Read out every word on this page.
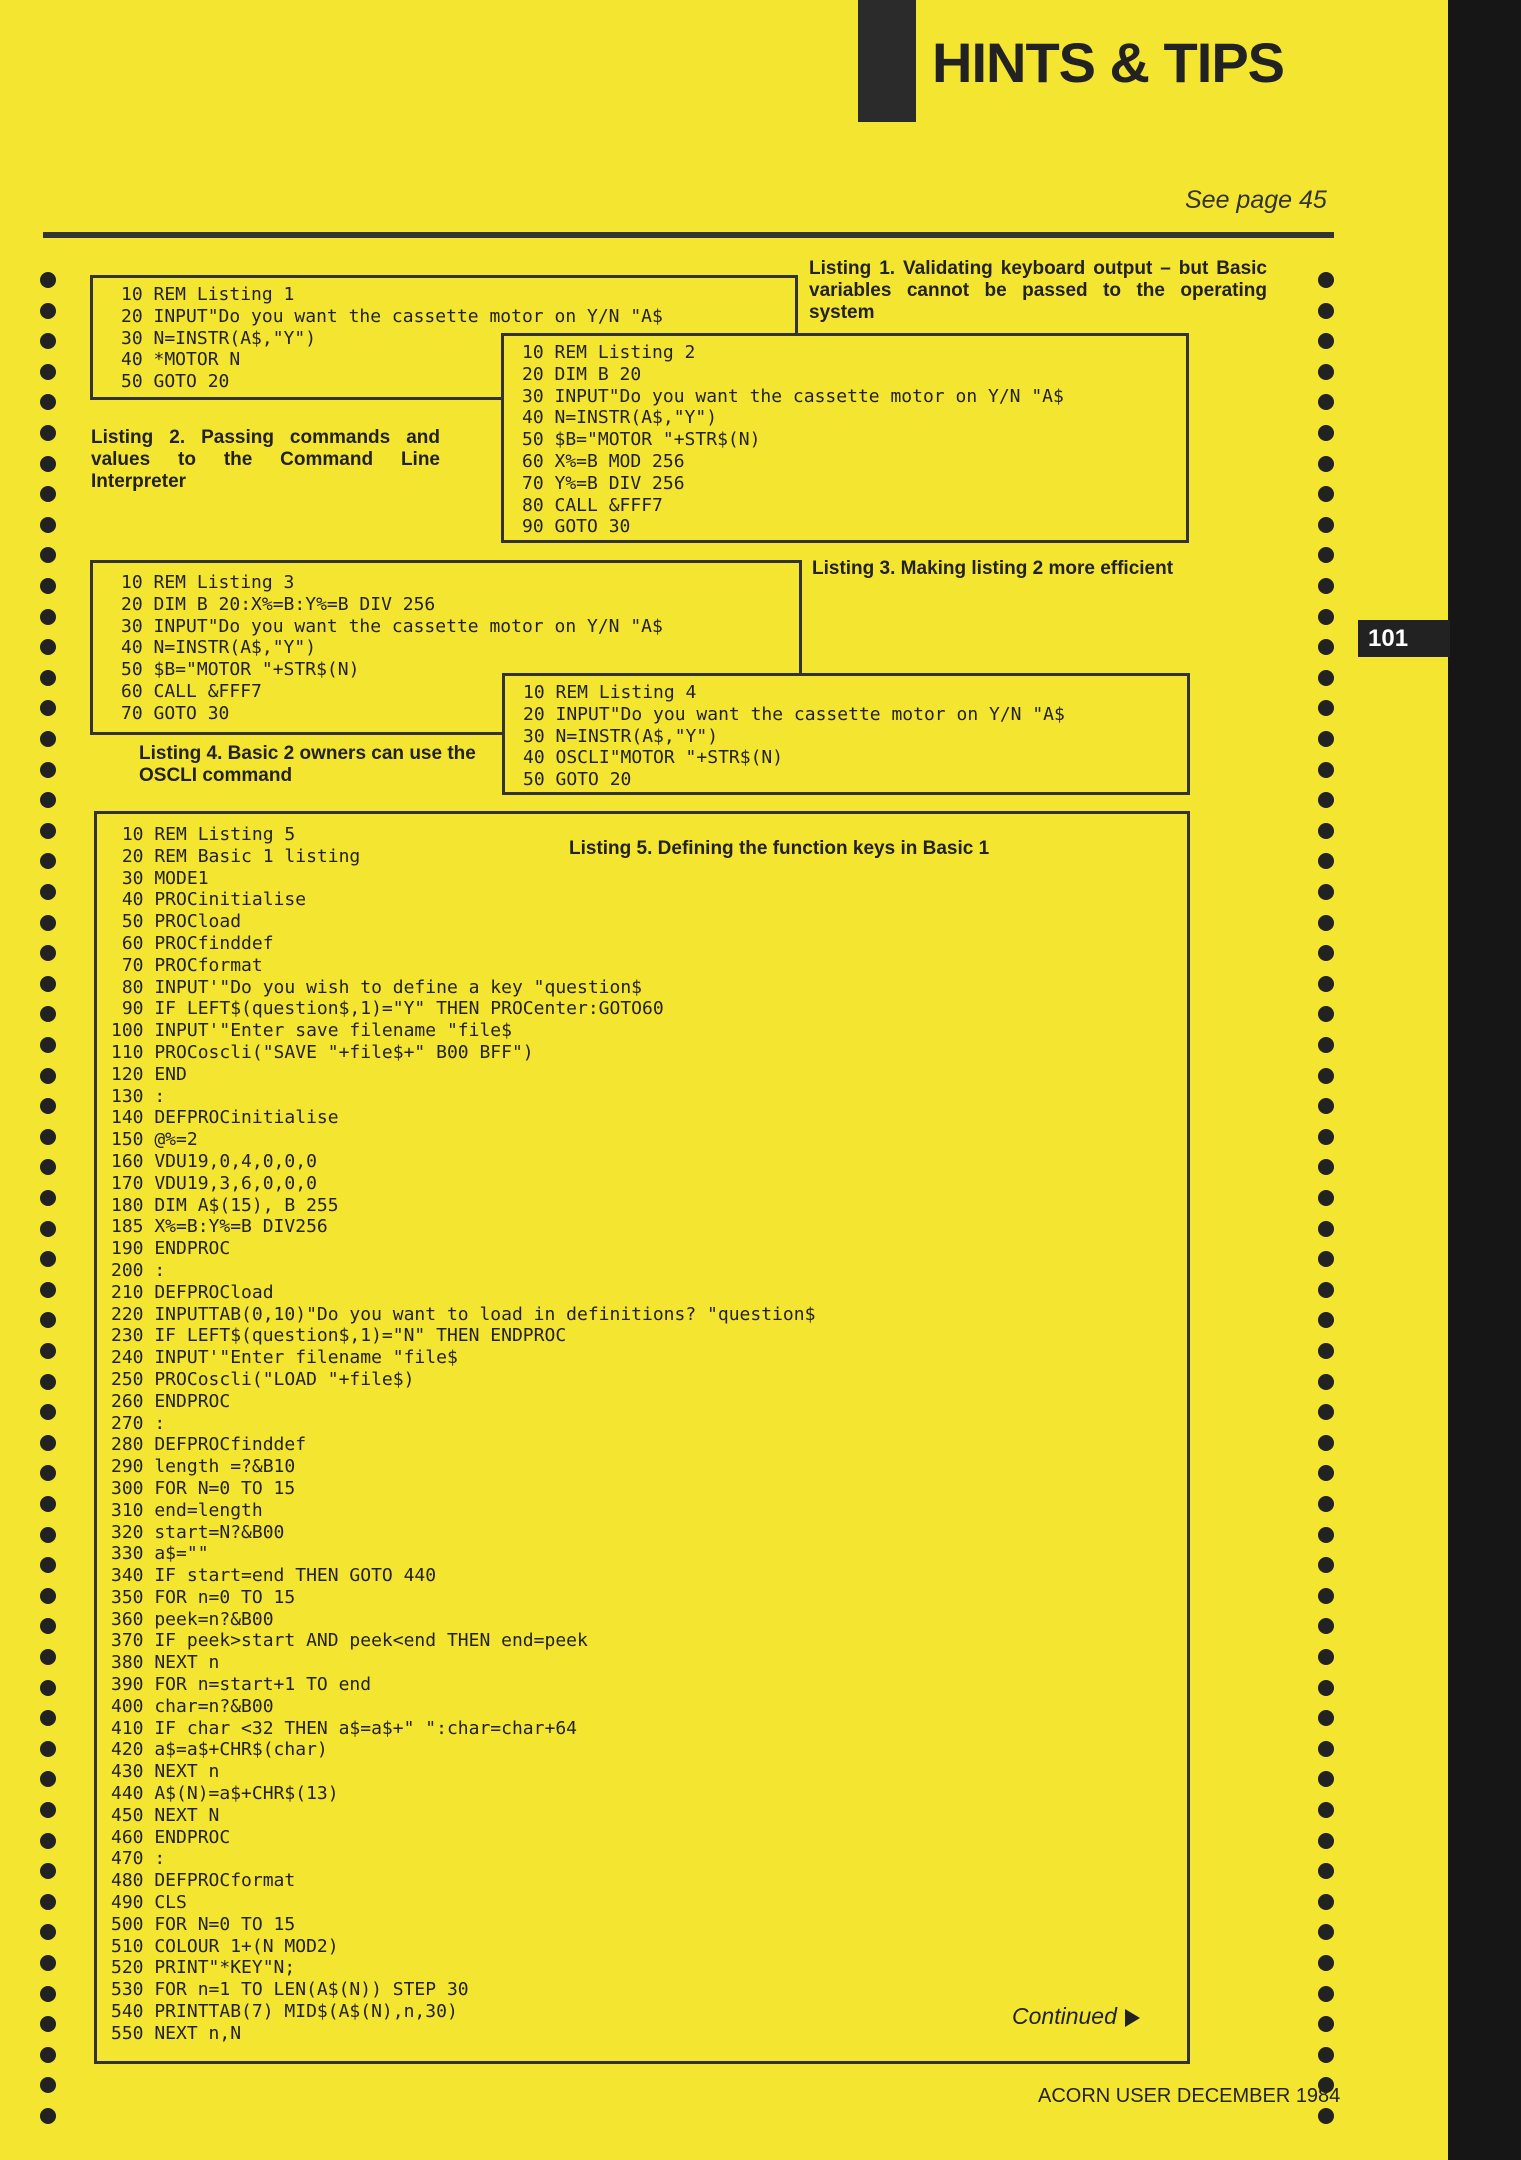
HINTS & TIPS
See page 45
10 REM Listing 1
20 INPUT"Do you want the cassette motor on Y/N "A$
30 N=INSTR(A$,"Y")
40 *MOTOR N
50 GOTO 20
Listing 1. Validating keyboard output – but Basic variables cannot be passed to the operating system
Listing 2. Passing commands and values to the Command Line Interpreter
10 REM Listing 2
20 DIM B 20
30 INPUT"Do you want the cassette motor on Y/N "A$
40 N=INSTR(A$,"Y")
50 $B="MOTOR "+STR$(N)
60 X%=B MOD 256
70 Y%=B DIV 256
80 CALL &FFF7
90 GOTO 30
10 REM Listing 3
20 DIM B 20:X%=B:Y%=B DIV 256
30 INPUT"Do you want the cassette motor on Y/N "A$
40 N=INSTR(A$,"Y")
50 $B="MOTOR "+STR$(N)
60 CALL &FFF7
70 GOTO 30
Listing 3. Making listing 2 more efficient
10 REM Listing 4
20 INPUT"Do you want the cassette motor on Y/N "A$
30 N=INSTR(A$,"Y")
40 OSCLI"MOTOR "+STR$(N)
50 GOTO 20
Listing 4. Basic 2 owners can use the OSCLI command
10 REM Listing 5
20 REM Basic 1 listing
30 MODE1
40 PROCinitialise
50 PROCload
60 PROCfinddef
70 PROCformat
80 INPUT'"Do you wish to define a key "question$
90 IF LEFT$(question$,1)="Y" THEN PROCenter:GOTO60
100 INPUT'"Enter save filename "file$
110 PROCoscli("SAVE "+file$+" B00 BFF")
120 END
130 :
140 DEFPROCinitialise
150 @%=2
160 VDU19,0,4,0,0,0
170 VDU19,3,6,0,0,0
180 DIM A$(15), B 255
185 X%=B:Y%=B DIV256
190 ENDPROC
200 :
210 DEFPROCload
220 INPUTTAB(0,10)"Do you want to load in definitions? "question$
230 IF LEFT$(question$,1)="N" THEN ENDPROC
240 INPUT'"Enter filename "file$
250 PROCoscli("LOAD "+file$)
260 ENDPROC
270 :
280 DEFPROCfinddef
290 length =?&B10
300 FOR N=0 TO 15
310 end=length
320 start=N?&B00
330 a$=""
340 IF start=end THEN GOTO 440
350 FOR n=0 TO 15
360 peek=n?&B00
370 IF peek>start AND peek<end THEN end=peek
380 NEXT n
390 FOR n=start+1 TO end
400 char=n?&B00
410 IF char <32 THEN a$=a$+" ":char=char+64
420 a$=a$+CHR$(char)
430 NEXT n
440 A$(N)=a$+CHR$(13)
450 NEXT N
460 ENDPROC
470 :
480 DEFPROCformat
490 CLS
500 FOR N=0 TO 15
510 COLOUR 1+(N MOD2)
520 PRINT"*KEY"N;
530 FOR n=1 TO LEN(A$(N)) STEP 30
540 PRINTTAB(7) MID$(A$(N),n,30)
550 NEXT n,N
Listing 5. Defining the function keys in Basic 1
Continued
ACORN USER DECEMBER 1984
101
